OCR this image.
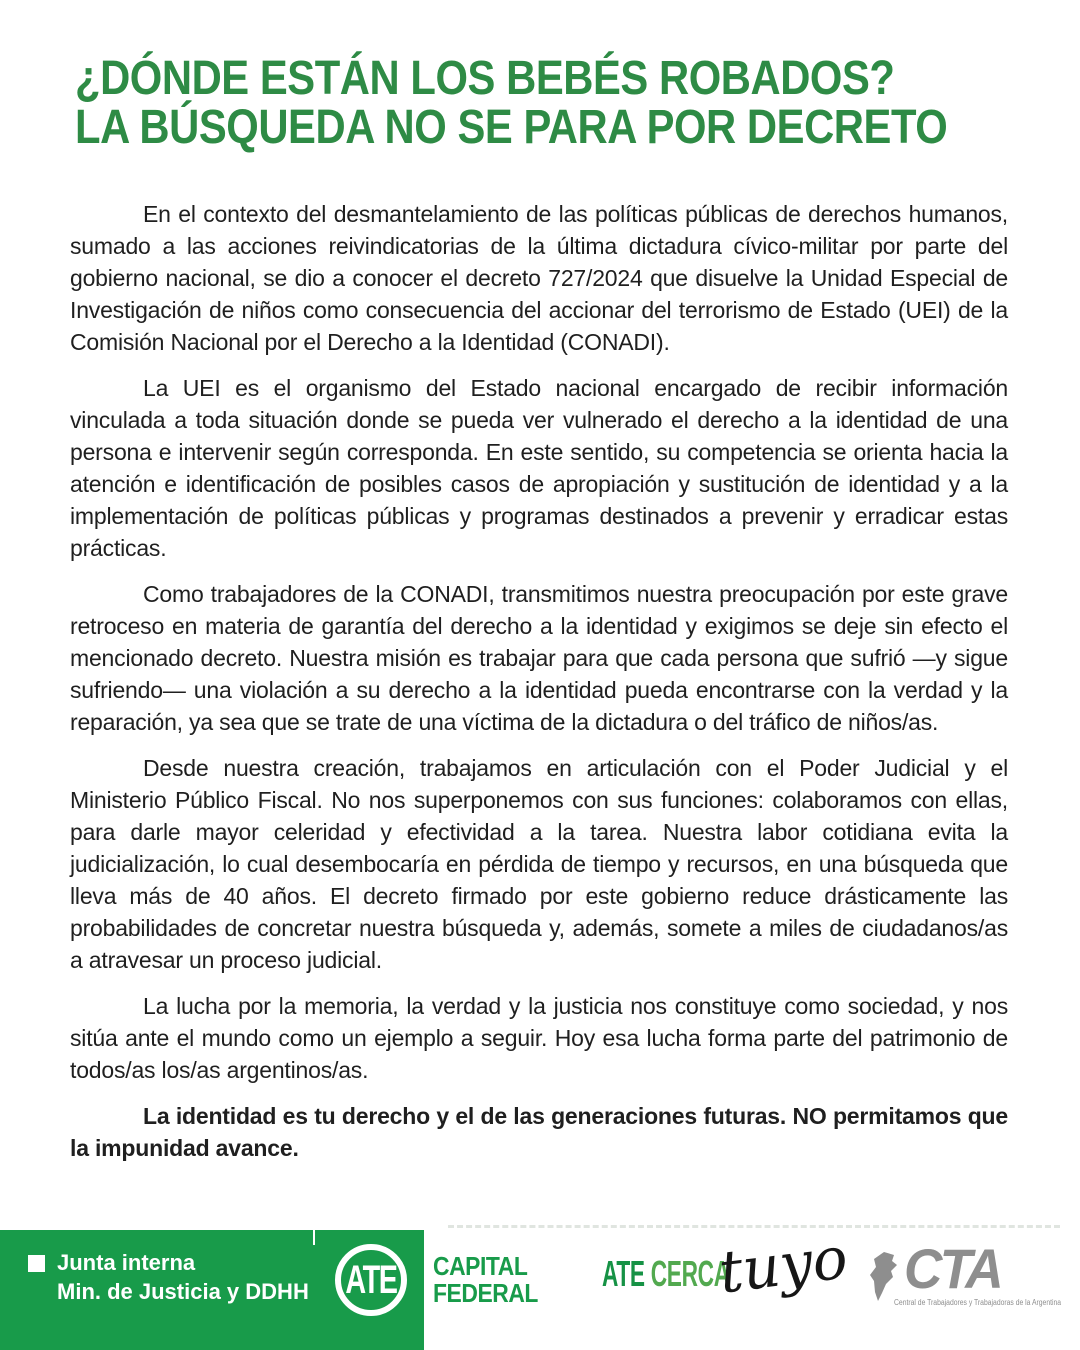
¿DÓNDE ESTÁN LOS BEBÉS ROBADOS?
LA BÚSQUEDA NO SE PARA POR DECRETO

En el contexto del desmantelamiento de las políticas públicas de derechos humanos, sumado a las acciones reivindicatorias de la última dictadura cívico-militar por parte del gobierno nacional, se dio a conocer el decreto 727/2024 que disuelve la Unidad Especial de Investigación de niños como consecuencia del accionar del terrorismo de Estado (UEI) de la Comisión Nacional por el Derecho a la Identidad (CONADI).

La UEI es el organismo del Estado nacional encargado de recibir información vinculada a toda situación donde se pueda ver vulnerado el derecho a la identidad de una persona e intervenir según corresponda. En este sentido, su competencia se orienta hacia la atención e identificación de posibles casos de apropiación y sustitución de identidad y a la implementación de políticas públicas y programas destinados a prevenir y erradicar estas prácticas.

Como trabajadores de la CONADI, transmitimos nuestra preocupación por este grave retroceso en materia de garantía del derecho a la identidad y exigimos se deje sin efecto el mencionado decreto. Nuestra misión es trabajar para que cada persona que sufrió —y sigue sufriendo— una violación a su derecho a la identidad pueda encontrarse con la verdad y la reparación, ya sea que se trate de una víctima de la dictadura o del tráfico de niños/as.

Desde nuestra creación, trabajamos en articulación con el Poder Judicial y el Ministerio Público Fiscal. No nos superponemos con sus funciones: colaboramos con ellas, para darle mayor celeridad y efectividad a la tarea. Nuestra labor cotidiana evita la judicialización, lo cual desembocaría en pérdida de tiempo y recursos, en una búsqueda que lleva más de 40 años. El decreto firmado por este gobierno reduce drásticamente las probabilidades de concretar nuestra búsqueda y, además, somete a miles de ciudadanos/as a atravesar un proceso judicial.

La lucha por la memoria, la verdad y la justicia nos constituye como sociedad, y nos sitúa ante el mundo como un ejemplo a seguir. Hoy esa lucha forma parte del patrimonio de todos/as los/as argentinos/as.

La identidad es tu derecho y el de las generaciones futuras. NO permitamos que la impunidad avance.

Junta interna
Min. de Justicia y DDHH ATE CAPITAL
FEDERAL ATE CERCA
tuyo CTA
Central de Trabajadores y Trabajadoras de la Argentina
